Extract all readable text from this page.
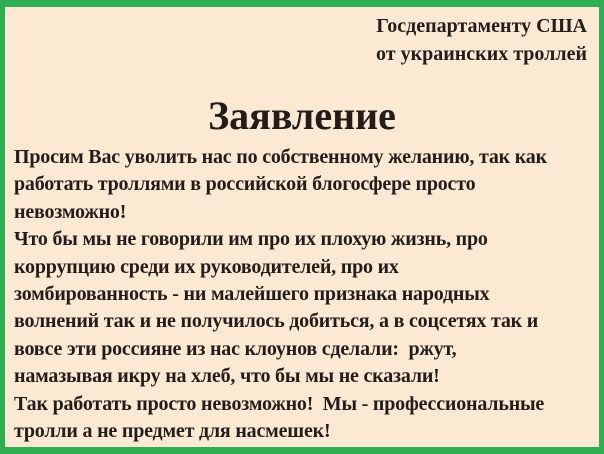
Госдепартаменту США
от украинских троллей
Заявление
Просим Вас уволить нас по собственному желанию, так как
работать троллями в российской блогосфере просто
невозможно!
Что бы мы не говорили им про их плохую жизнь, про
коррупцию среди их руководителей, про их
зомбированность - ни малейшего признака народных
волнений так и не получилось добиться, а в соцсетях так и
вовсе эти россияне из нас клоунов сделали:  ржут,
намазывая икру на хлеб, что бы мы не сказали!
Так работать просто невозможно!  Мы - профессиональные
тролли а не предмет для насмешек!
